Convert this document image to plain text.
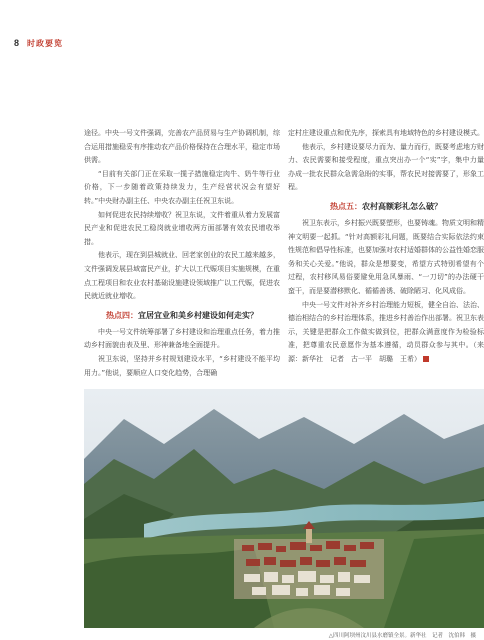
8 时政要览

途径。中央一号文件强调，完善农产品贸易与生产协调机制，综合运用措施稳妥有序推动农产品价格保持在合理水平，稳定市场供需。

“目前有关部门正在采取一揽子措施稳定肉牛、奶牛等行业价格，下一步随着政策持续发力，生产经营状况会有望好转。”中央财办副主任、中央农办副主任祝卫东说。

如何促进农民持续增收？祝卫东说，文件着重从着力发展富民产业和促进农民工稳岗就业增收两方面部署有效农民增收举措。

他表示，现在到县城就业、回老家创业的农民工越来越多，文件强调发展县域富民产业，扩大以工代赈项目实施规模，在重点工程项目和农业农村基础设施建设领域推广以工代赈，促进农民就近就业增收。

热点四：宜居宜业和美乡村建设如何走实？

中央一号文件统筹部署了乡村建设和治理重点任务，着力推动乡村面貌由表及里、形神兼备地全面提升。

祝卫东说，坚持并乡村规划建设水平，“乡村建设不能平均用力。”他说，要顺应人口变化趋势，合理确

定村庄建设重点和优先序，探索具有地域特色的乡村建设模式。

他表示，乡村建设要尽力而为、量力而行，既要考虑地方财力、农民需要和接受程度，重点突出办一个“实”字，集中力量办成一批农民群众急需急盼的实事，帮农民对接需要了，形象工程。

热点五：农村高额彩礼怎么破？

祝卫东表示，乡村振兴既要塑形，也要铸魂。物质文明和精神文明要一起抓。“针对高额彩礼问题，既要结合实际依法约束性规范和倡导性标准，也要加强对农村适婚群体的公益性婚恋服务和关心关爱。”他说，群众是想要变，希望方式特别希望有个过程，农村移风易俗要避免用急风暴雨、“一刀切”的办法硬干蛮干，而是要潜移默化、循循善诱、破除陋习、化风成俗。

中央一号文件对补齐乡村治理能力短板，健全自治、法治、德治相结合的乡村治理体系，推进乡村善治作出部署。祝卫东表示，关键是把群众工作做实做到位，把群众满意度作为检验标准，把尊重农民意愿作为基本遵循，动员群众参与其中。（来源：新华社　记者　古一平　胡璐　王希）

△四川阿坝州汶川县水磨镇全景。新华社　记者　沈伯韩　摄
